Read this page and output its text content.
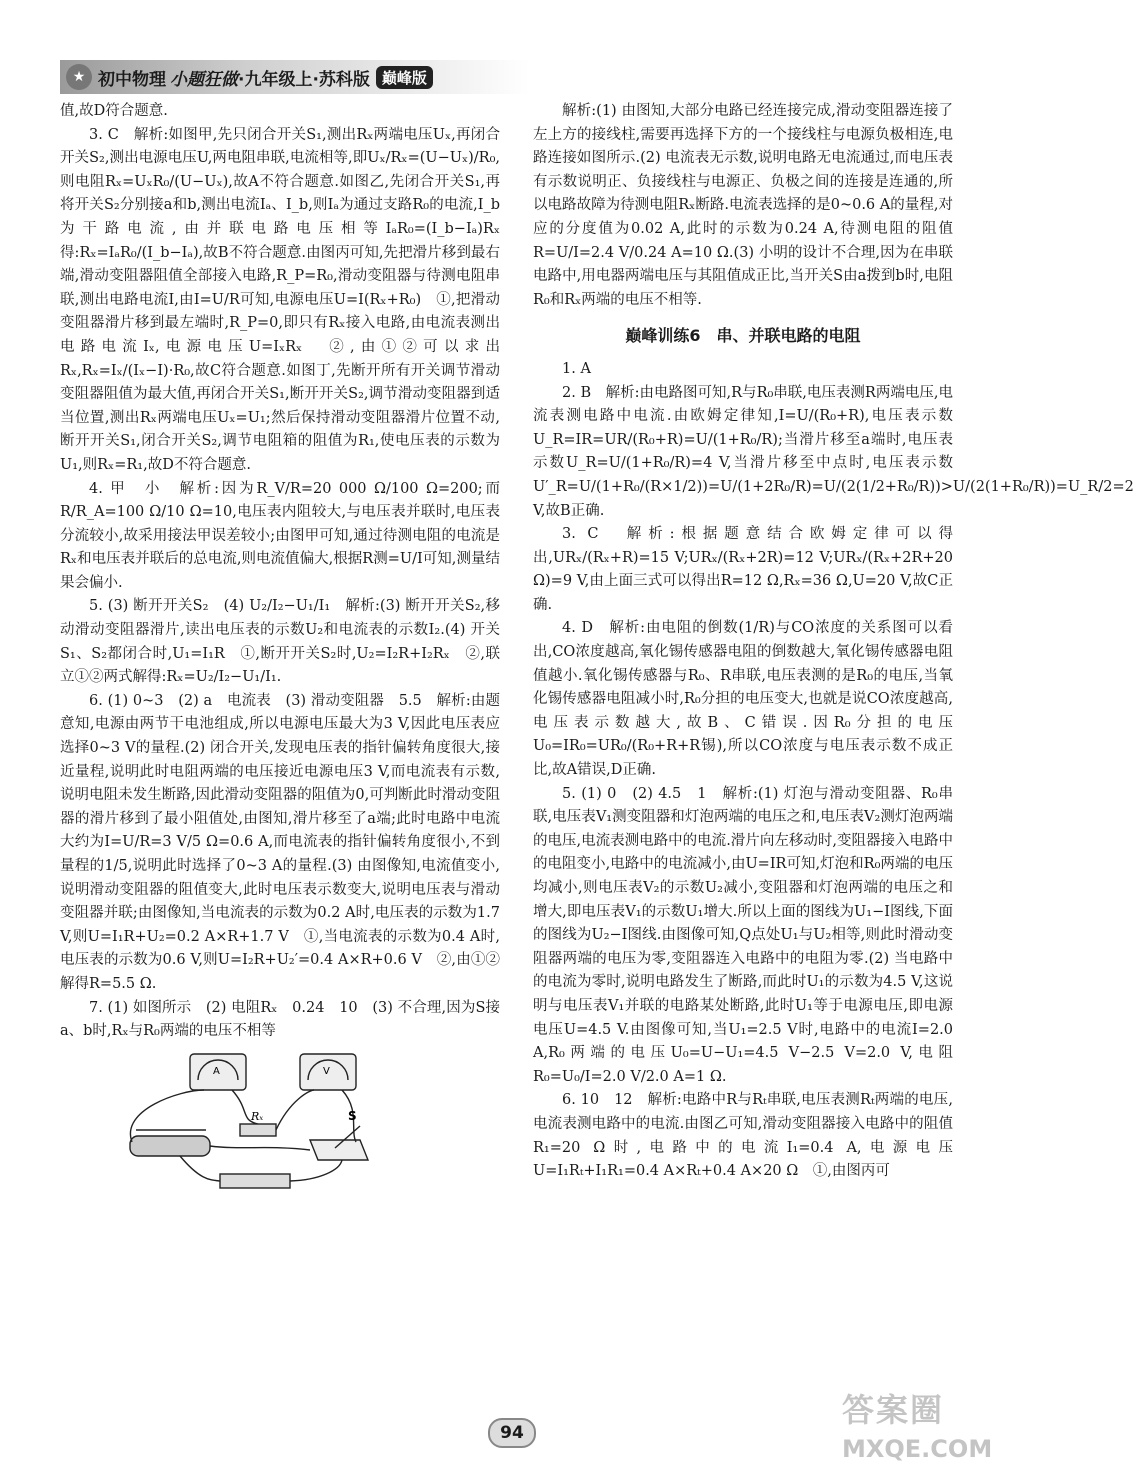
★ 初中物理 小题狂做 ·九年级上·苏科版 巅峰版

值,故D符合题意.

3. C　解析:如图甲,先只闭合开关S₁,测出Rₓ两端电压Uₓ,再闭合开关S₂,测出电源电压U,两电阻串联,电流相等,即Uₓ/Rₓ=(U−Uₓ)/R₀,则电阻Rₓ=UₓR₀/(U−Uₓ),故A不符合题意.如图乙,先闭合开关S₁,再将开关S₂分别接a和b,测出电流Iₐ、I_b,则Iₐ为通过支路R₀的电流,I_b为干路电流,由并联电路电压相等IₐR₀=(I_b−Iₐ)Rₓ得:Rₓ=IₐR₀/(I_b−Iₐ),故B不符合题意.由图丙可知,先把滑片移到最右端,滑动变阻器阻值全部接入电路,R_P=R₀,滑动变阻器与待测电阻串联,测出电路电流I,由I=U/R可知,电源电压U=I(Rₓ+R₀)　①,把滑动变阻器滑片移到最左端时,R_P=0,即只有Rₓ接入电路,由电流表测出电路电流Iₓ,电源电压U=IₓRₓ　②,由①②可以求出Rₓ,Rₓ=Iₓ/(Iₓ−I)·R₀,故C符合题意.如图丁,先断开所有开关调节滑动变阻器阻值为最大值,再闭合开关S₁,断开开关S₂,调节滑动变阻器到适当位置,测出Rₓ两端电压Uₓ=U₁;然后保持滑动变阻器滑片位置不动,断开开关S₁,闭合开关S₂,调节电阻箱的阻值为R₁,使电压表的示数为U₁,则Rₓ=R₁,故D不符合题意.

4. 甲　小　解析:因为R_V/R=20 000 Ω/100 Ω=200;而R/R_A=100 Ω/10 Ω=10,电压表内阻较大,与电压表并联时,电压表分流较小,故采用接法甲误差较小;由图甲可知,通过待测电阻的电流是Rₓ和电压表并联后的总电流,则电流值偏大,根据R测=U/I可知,测量结果会偏小.

5. (3) 断开开关S₂　(4) U₂/I₂−U₁/I₁　解析:(3) 断开开关S₂,移动滑动变阻器滑片,读出电压表的示数U₂和电流表的示数I₂.(4) 开关S₁、S₂都闭合时,U₁=I₁R　①,断开开关S₂时,U₂=I₂R+I₂Rₓ　②,联立①②两式解得:Rₓ=U₂/I₂−U₁/I₁.

6. (1) 0~3　(2) a　电流表　(3) 滑动变阻器　5.5　解析:由题意知,电源由两节干电池组成,所以电源电压最大为3 V,因此电压表应选择0~3 V的量程.(2) 闭合开关,发现电压表的指针偏转角度很大,接近量程,说明此时电阻两端的电压接近电源电压3 V,而电流表有示数,说明电阻未发生断路,因此滑动变阻器的阻值为0,可判断此时滑动变阻器的滑片移到了最小阻值处,由图知,滑片移至了a端;此时电路中电流大约为I=U/R=3 V/5 Ω=0.6 A,而电流表的指针偏转角度很小,不到量程的1/5,说明此时选择了0~3 A的量程.(3) 由图像知,电流值变小,说明滑动变阻器的阻值变大,此时电压表示数变大,说明电压表与滑动变阻器并联;由图像知,当电流表的示数为0.2 A时,电压表的示数为1.7 V,则U=I₁R+U₂=0.2 A×R+1.7 V　①,当电流表的示数为0.4 A时,电压表的示数为0.6 V,则U=I₂R+U₂′=0.4 A×R+0.6 V　②,由①②解得R=5.5 Ω.

7. (1) 如图所示　(2) 电阻Rₓ　0.24　10　(3) 不合理,因为S接a、b时,Rₓ与R₀两端的电压不相等

Rₓ	S
A	V

解析:(1) 由图知,大部分电路已经连接完成,滑动变阻器连接了左上方的接线柱,需要再选择下方的一个接线柱与电源负极相连,电路连接如图所示.(2) 电流表无示数,说明电路无电流通过,而电压表有示数说明正、负接线柱与电源正、负极之间的连接是连通的,所以电路故障为待测电阻Rₓ断路.电流表选择的是0~0.6 A的量程,对应的分度值为0.02 A,此时的示数为0.24 A,待测电阻的阻值R=U/I=2.4 V/0.24 A=10 Ω.(3) 小明的设计不合理,因为在串联电路中,用电器两端电压与其阻值成正比,当开关S由a拨到b时,电阻R₀和Rₓ两端的电压不相等.

巅峰训练6　串、并联电路的电阻

1. A

2. B　解析:由电路图可知,R与R₀串联,电压表测R两端电压,电流表测电路中电流.由欧姆定律知,I=U/(R₀+R),电压表示数U_R=IR=UR/(R₀+R)=U/(1+R₀/R);当滑片移至a端时,电压表示数U_R=U/(1+R₀/R)=4 V,当滑片移至中点时,电压表示数U′_R=U/(1+R₀/(R×1/2))=U/(1+2R₀/R)=U/(2(1/2+R₀/R))>U/(2(1+R₀/R))=U_R/2=2 V,故B正确.

3. C　解析:根据题意结合欧姆定律可以得出,URₓ/(Rₓ+R)=15 V;URₓ/(Rₓ+2R)=12 V;URₓ/(Rₓ+2R+20 Ω)=9 V,由上面三式可以得出R=12 Ω,Rₓ=36 Ω,U=20 V,故C正确.

4. D　解析:由电阻的倒数(1/R)与CO浓度的关系图可以看出,CO浓度越高,氧化锡传感器电阻的倒数越大,氧化锡传感器电阻值越小.氧化锡传感器与R₀、R串联,电压表测的是R₀的电压,当氧化锡传感器电阻减小时,R₀分担的电压变大,也就是说CO浓度越高,电压表示数越大,故B、C错误.因R₀分担的电压U₀=IR₀=UR₀/(R₀+R+R锡),所以CO浓度与电压表示数不成正比,故A错误,D正确.

5. (1) 0　(2) 4.5　1　解析:(1) 灯泡与滑动变阻器、R₀串联,电压表V₁测变阻器和灯泡两端的电压之和,电压表V₂测灯泡两端的电压,电流表测电路中的电流.滑片向左移动时,变阻器接入电路中的电阻变小,电路中的电流减小,由U=IR可知,灯泡和R₀两端的电压均减小,则电压表V₂的示数U₂减小,变阻器和灯泡两端的电压之和增大,即电压表V₁的示数U₁增大.所以上面的图线为U₁−I图线,下面的图线为U₂−I图线.由图像可知,Q点处U₁与U₂相等,则此时滑动变阻器两端的电压为零,变阻器连入电路中的电阻为零.(2) 当电路中的电流为零时,说明电路发生了断路,而此时U₁的示数为4.5 V,这说明与电压表V₁并联的电路某处断路,此时U₁等于电源电压,即电源电压U=4.5 V.由图像可知,当U₁=2.5 V时,电路中的电流I=2.0 A,R₀两端的电压U₀=U−U₁=4.5 V−2.5 V=2.0 V,电阻R₀=U₀/I=2.0 V/2.0 A=1 Ω.

6. 10　12　解析:电路中R与Rₜ串联,电压表测Rₜ两端的电压,电流表测电路中的电流.由图乙可知,滑动变阻器接入电路中的阻值R₁=20 Ω时,电路中的电流I₁=0.4 A,电源电压U=I₁Rₜ+I₁R₁=0.4 A×Rₜ+0.4 A×20 Ω　①,由图丙可

94
答案圈
MXQE.COM
